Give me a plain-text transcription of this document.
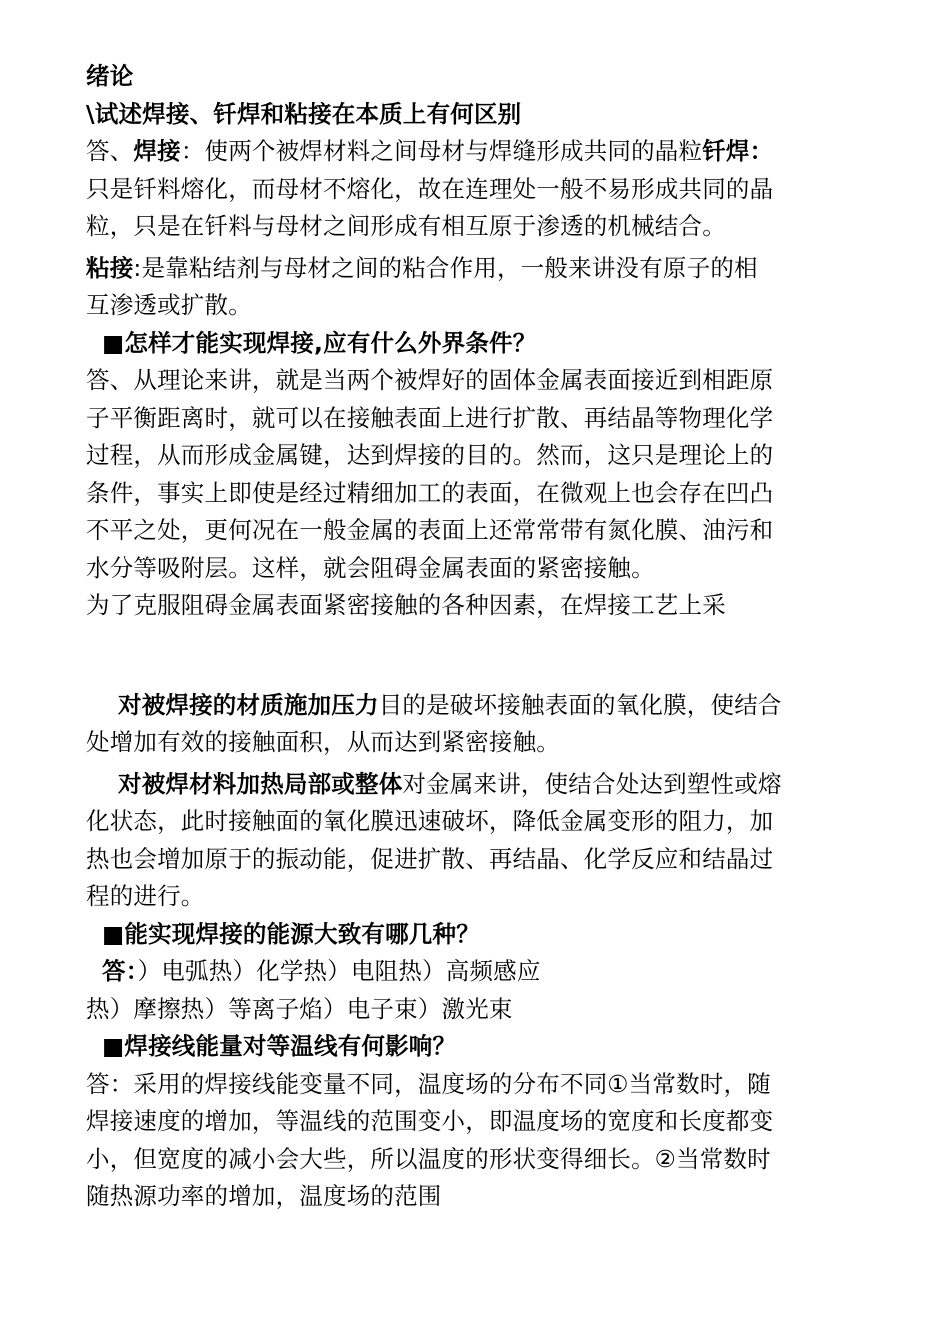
绪论
\试述焊接、钎焊和粘接在本质上有何区别
答、焊接：使两个被焊材料之间母材与焊缝形成共同的晶粒钎焊：
只是钎料熔化，而母材不熔化，故在连理处一般不易形成共同的晶
粒，只是在钎料与母材之间形成有相互原于渗透的机械结合。
粘接:是靠粘结剂与母材之间的粘合作用，一般来讲没有原子的相
互渗透或扩散。
■怎样才能实现焊接,应有什么外界条件？
答、从理论来讲，就是当两个被焊好的固体金属表面接近到相距原
子平衡距离时，就可以在接触表面上进行扩散、再结晶等物理化学
过程，从而形成金属键，达到焊接的目的。然而，这只是理论上的
条件，事实上即使是经过精细加工的表面，在微观上也会存在凹凸
不平之处，更何况在一般金属的表面上还常常带有氮化膜、油污和
水分等吸附层。这样，就会阻碍金属表面的紧密接触。
为了克服阻碍金属表面紧密接触的各种因素，在焊接工艺上采
对被焊接的材质施加压力目的是破坏接触表面的氧化膜，使结合
处增加有效的接触面积，从而达到紧密接触。
对被焊材料加热局部或整体对金属来讲，使结合处达到塑性或熔
化状态，此时接触面的氧化膜迅速破坏，降低金属变形的阻力，加
热也会增加原于的振动能，促进扩散、再结晶、化学反应和结晶过
程的进行。
■能实现焊接的能源大致有哪几种？
答：）电弧热）化学热）电阻热）高频感应
热）摩擦热）等离子焰）电子束）激光束
■焊接线能量对等温线有何影响？
答：采用的焊接线能变量不同，温度场的分布不同①当常数时，随
焊接速度的增加，等温线的范围变小，即温度场的宽度和长度都变
小，但宽度的减小会大些，所以温度的形状变得细长。②当常数时
随热源功率的增加，温度场的范围
